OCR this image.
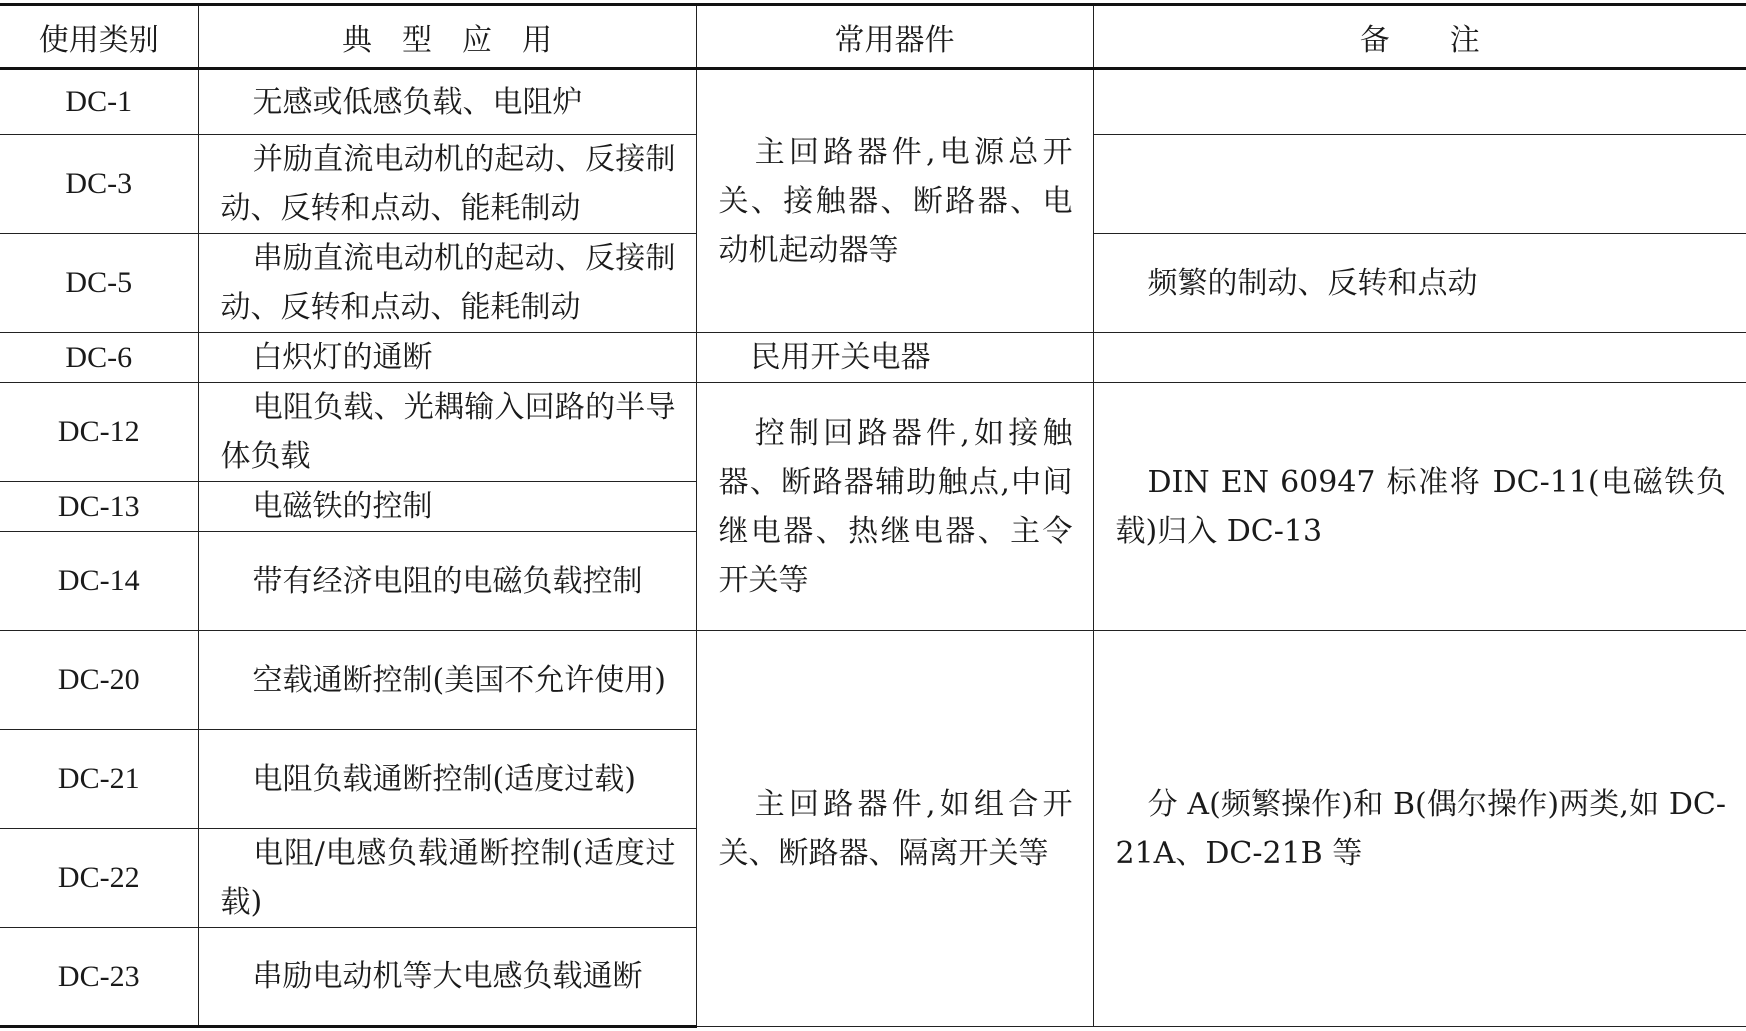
使用类别	典　型　应　用	常用器件	备　　注
DC-1	无感或低感负载、电阻炉	主回路器件,电源总开关、接触器、断路器、电动机起动器等	
DC-3	并励直流电动机的起动、反接制动、反转和点动、能耗制动		
DC-5	串励直流电动机的起动、反接制动、反转和点动、能耗制动		频繁的制动、反转和点动
DC-6	白炽灯的通断	民用开关电器	
DC-12	电阻负载、光耦输入回路的半导体负载	控制回路器件,如接触器、断路器辅助触点,中间继电器、热继电器、主令开关等	DIN EN 60947 标准将 DC-11(电磁铁负载)归入 DC-13
DC-13	电磁铁的控制		
DC-14	带有经济电阻的电磁负载控制		
DC-20	空载通断控制(美国不允许使用)	主回路器件,如组合开关、断路器、隔离开关等	分 A(频繁操作)和 B(偶尔操作)两类,如 DC-21A、DC-21B 等
DC-21	电阻负载通断控制(适度过载)		
DC-22	电阻/电感负载通断控制(适度过载)		
DC-23	串励电动机等大电感负载通断		
